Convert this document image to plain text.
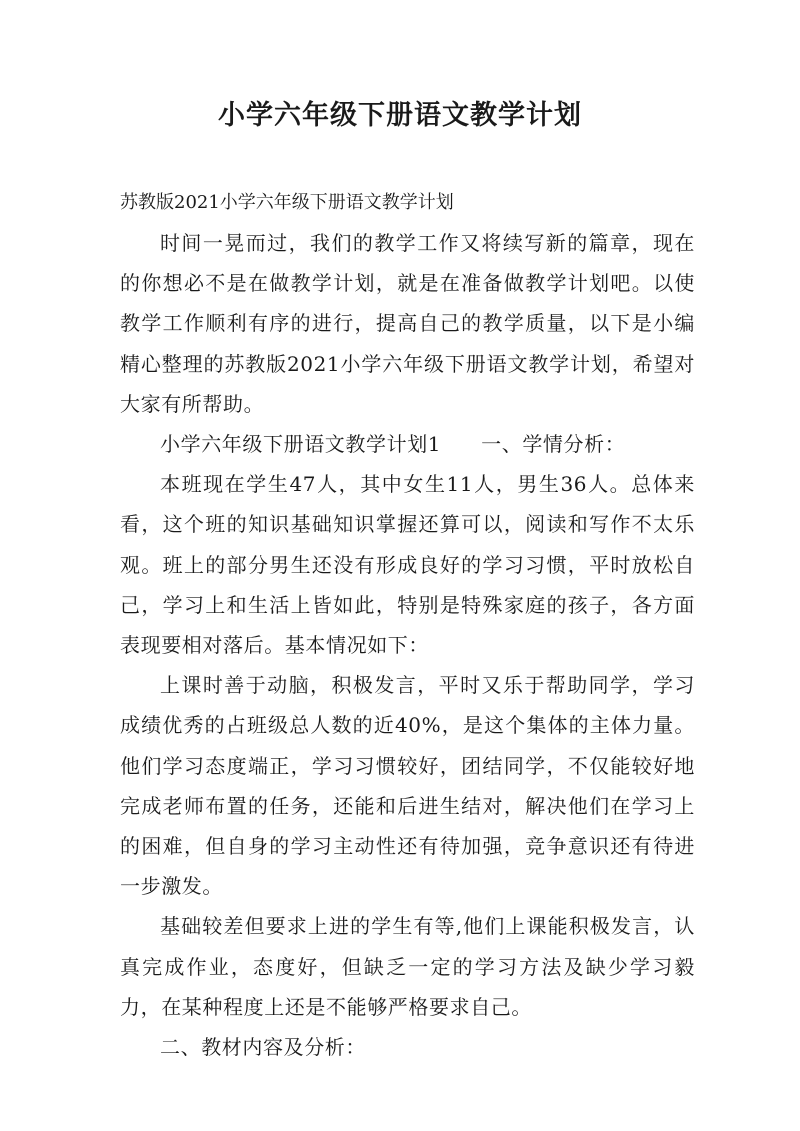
小学六年级下册语文教学计划

苏教版2021小学六年级下册语文教学计划

时间一晃而过，我们的教学工作又将续写新的篇章，现在的你想必不是在做教学计划，就是在准备做教学计划吧。以使教学工作顺利有序的进行，提高自己的教学质量，以下是小编精心整理的苏教版2021小学六年级下册语文教学计划，希望对大家有所帮助。

小学六年级下册语文教学计划1 一、学情分析：

本班现在学生47人，其中女生11人，男生36人。总体来看，这个班的知识基础知识掌握还算可以，阅读和写作不太乐观。班上的部分男生还没有形成良好的学习习惯，平时放松自己，学习上和生活上皆如此，特别是特殊家庭的孩子，各方面表现要相对落后。基本情况如下：

上课时善于动脑，积极发言，平时又乐于帮助同学，学习成绩优秀的占班级总人数的近40%，是这个集体的主体力量。他们学习态度端正，学习习惯较好，团结同学，不仅能较好地完成老师布置的任务，还能和后进生结对，解决他们在学习上的困难，但自身的学习主动性还有待加强，竞争意识还有待进一步激发。

基础较差但要求上进的学生有等,他们上课能积极发言，认真完成作业，态度好，但缺乏一定的学习方法及缺少学习毅力，在某种程度上还是不能够严格要求自己。

二、教材内容及分析：
